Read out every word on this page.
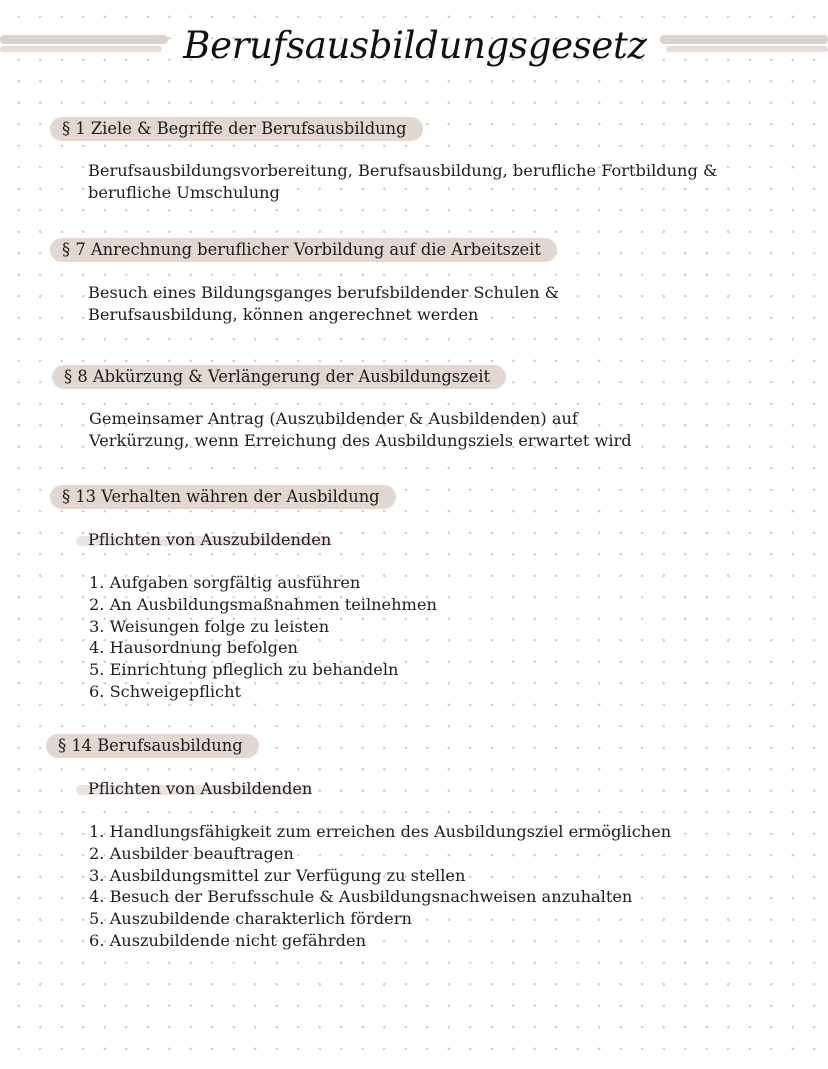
Berufsausbildungsgesetz
§ 1 Ziele & Begriffe der Berufsausbildung
Berufsausbildungsvorbereitung, Berufsausbildung, berufliche Fortbildung &
berufliche Umschulung
§ 7 Anrechnung beruflicher Vorbildung auf die Arbeitszeit
Besuch eines Bildungsganges berufsbildender Schulen &
Berufsausbildung, können angerechnet werden
§ 8 Abkürzung & Verlängerung der Ausbildungszeit
Gemeinsamer Antrag (Auszubildender & Ausbildenden) auf
Verkürzung, wenn Erreichung des Ausbildungsziels erwartet wird
§ 13 Verhalten währen der Ausbildung
Pflichten von Auszubildenden
1. Aufgaben sorgfältig ausführen
2. An Ausbildungsmaßnahmen teilnehmen
3. Weisungen folge zu leisten
4. Hausordnung befolgen
5. Einrichtung pfleglich zu behandeln
6. Schweigepflicht
§ 14 Berufsausbildung
Pflichten von Ausbildenden
1. Handlungsfähigkeit zum erreichen des Ausbildungsziel ermöglichen
2. Ausbilder beauftragen
3. Ausbildungsmittel zur Verfügung zu stellen
4. Besuch der Berufsschule & Ausbildungsnachweisen anzuhalten
5. Auszubildende charakterlich fördern
6. Auszubildende nicht gefährden
